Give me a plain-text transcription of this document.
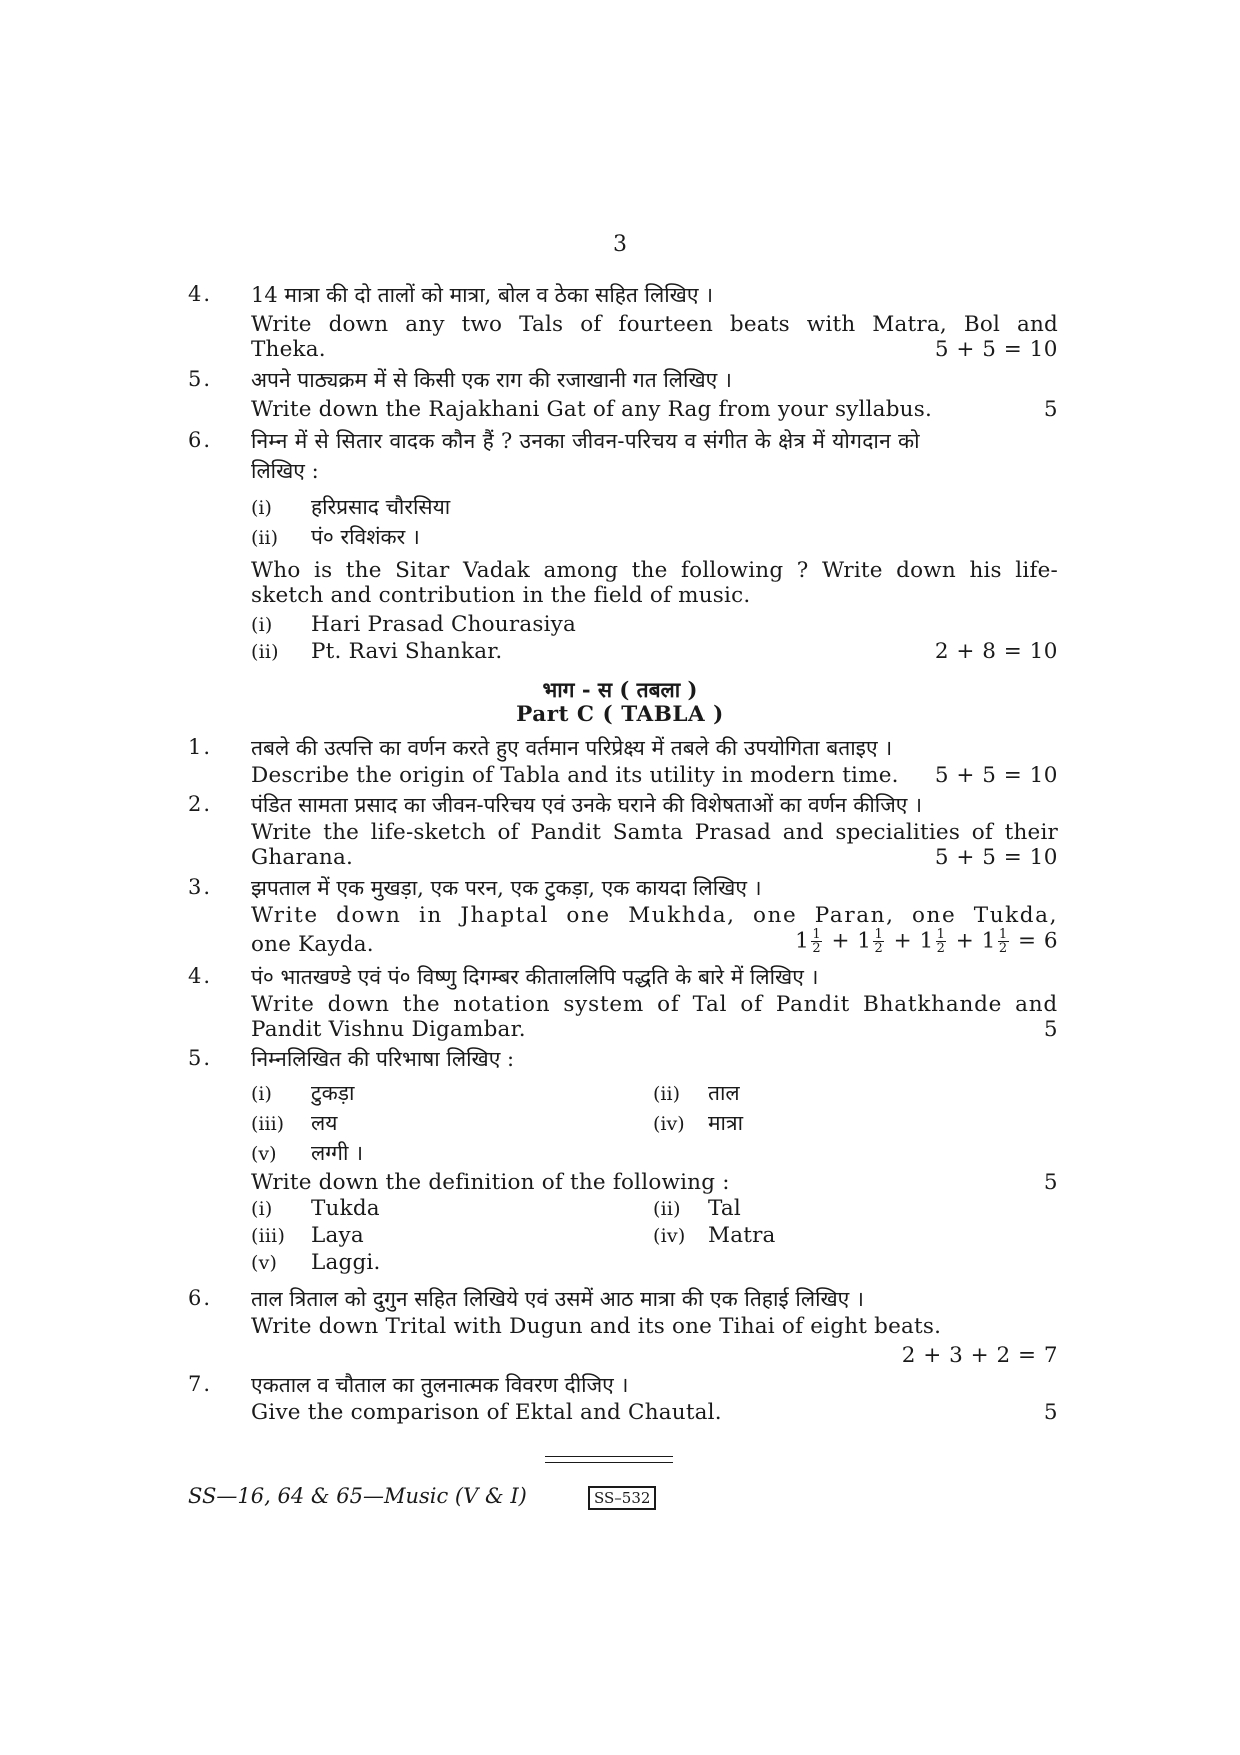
3
4.	14 मात्रा की दो तालों को मात्रा, बोल व ठेका सहित लिखिए ।
Write down any two Tals of fourteen beats with Matra, Bol and
Theka.	5 + 5 = 10
5.	अपने पाठ्यक्रम में से किसी एक राग की रजाखानी गत लिखिए ।
Write down the Rajakhani Gat of any Rag from your syllabus.	5
6.	निम्न में से सितार वादक कौन हैं ? उनका जीवन-परिचय व संगीत के क्षेत्र में योगदान को
लिखिए :
(i) हरिप्रसाद चौरसिया
(ii) पं० रविशंकर ।
Who is the Sitar Vadak among the following ? Write down his life-
sketch and contribution in the field of music.
(i) Hari Prasad Chourasiya
(ii) Pt. Ravi Shankar.	2 + 8 = 10
भाग - स ( तबला )
Part C ( TABLA )
1.	तबले की उत्पत्ति का वर्णन करते हुए वर्तमान परिप्रेक्ष्य में तबले की उपयोगिता बताइए ।
Describe the origin of Tabla and its utility in modern time. 5 + 5 = 10
2.	पंडित सामता प्रसाद का जीवन-परिचय एवं उनके घराने की विशेषताओं का वर्णन कीजिए ।
Write the life-sketch of Pandit Samta Prasad and specialities of their
Gharana.	5 + 5 = 10
3.	झपताल में एक मुखड़ा, एक परन, एक टुकड़ा, एक कायदा लिखिए ।
Write down in Jhaptal one Mukhda, one Paran, one Tukda,
one Kayda.	$1 \frac{1}{2} + 1 \frac{1}{2} + 1 \frac{1}{2} + 1 \frac{1}{2} = 6$
4.	पं० भातखण्डे एवं पं० विष्णु दिगम्बर कीताललिपि पद्धति के बारे में लिखिए ।
Write down the notation system of Tal of Pandit Bhatkhande and
Pandit Vishnu Digambar.	5
5.	निम्नलिखित की परिभाषा लिखिए :
(i) टुकड़ा	(ii) ताल
(iii) लय	(iv) मात्रा
(v) लग्गी ।
Write down the definition of the following :	5
(i) Tukda	(ii) Tal
(iii) Laya	(iv) Matra
(v) Laggi.
6.	ताल त्रिताल को दुगुन सहित लिखिये एवं उसमें आठ मात्रा की एक तिहाई लिखिए ।
Write down Trital with Dugun and its one Tihai of eight beats.
2 + 3 + 2 = 7
7.	एकताल व चौताल का तुलनात्मक विवरण दीजिए ।
Give the comparison of Ektal and Chautal.	5
SS—16, 64 & 65—Music (V & I)	SS–532
